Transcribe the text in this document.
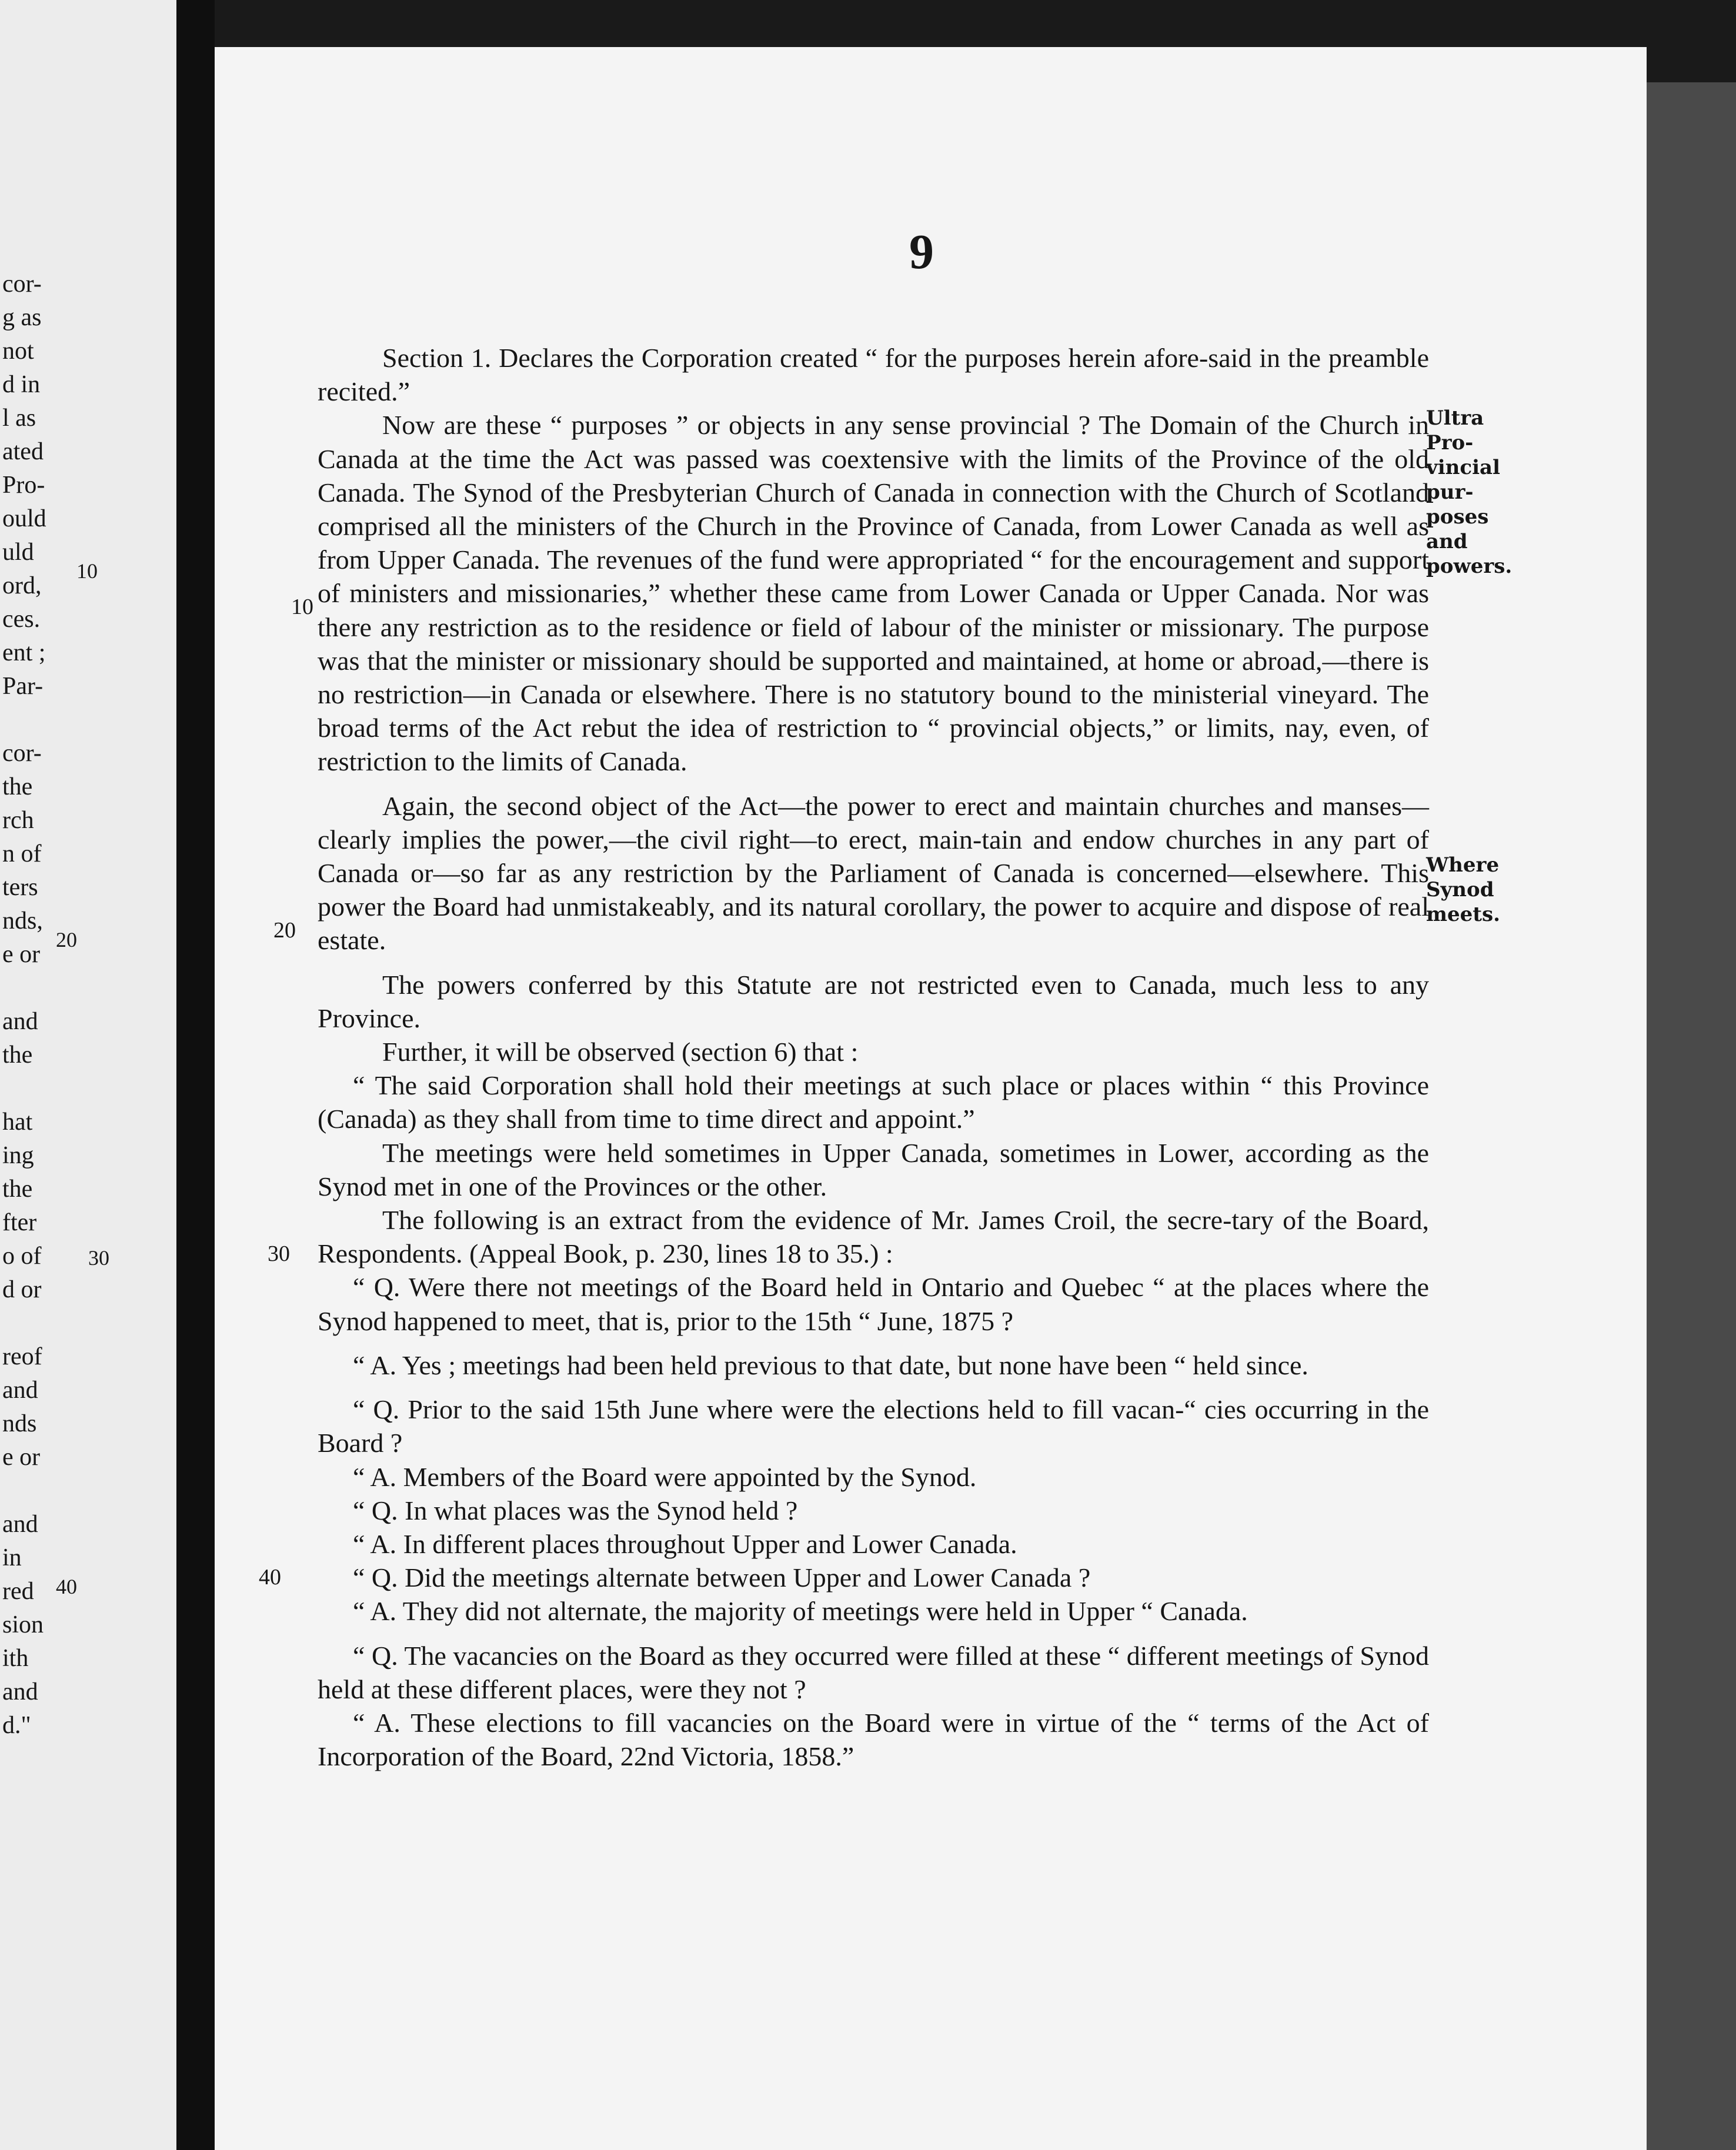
cor-
g as
not
d in
l as
ated
Pro-
ould
uld
ord,
ces.
ent ;
Par-

cor-
the
rch
n of
ters
nds,
e or

and
the

hat
ing
the
fter
o of
d or

reof
and
nds
e or

and
in
red
sion
ith
and
d."
10
20
30
40
9

Section 1. Declares the Corporation created “ for the purposes herein afore-said in the preamble recited.”

Now are these “ purposes ” or objects in any sense provincial ? The Domain of the Church in Canada at the time the Act was passed was coextensive with the limits of the Province of the old Canada. The Synod of the Presbyterian Church of Canada in connection with the Church of Scotland comprised all the ministers of the Church in the Province of Canada, from Lower Canada as well as from Upper Canada. The revenues of the fund were appropriated “ for the encouragement and support of ministers and missionaries,” whether these came from Lower Canada or Upper Canada. Nor was there any restriction as to the residence or field of labour of the minister or missionary. The purpose was that the minister or missionary should be supported and maintained, at home or abroad,—there is no restriction—in Canada or elsewhere. There is no statutory bound to the ministerial vineyard. The broad terms of the Act rebut the idea of restriction to “ provincial objects,” or limits, nay, even, of restriction to the limits of Canada.

Again, the second object of the Act—the power to erect and maintain churches and manses—clearly implies the power,—the civil right—to erect, main-tain and endow churches in any part of Canada or—so far as any restriction by the Parliament of Canada is concerned—elsewhere. This power the Board had unmistakeably, and its natural corollary, the power to acquire and dispose of real estate.

The powers conferred by this Statute are not restricted even to Canada, much less to any Province.

Further, it will be observed (section 6) that :

“ The said Corporation shall hold their meetings at such place or places within “ this Province (Canada) as they shall from time to time direct and appoint.”

The meetings were held sometimes in Upper Canada, sometimes in Lower, according as the Synod met in one of the Provinces or the other.

The following is an extract from the evidence of Mr. James Croil, the secre-tary of the Board, Respondents. (Appeal Book, p. 230, lines 18 to 35.) :

“ Q. Were there not meetings of the Board held in Ontario and Quebec “ at the places where the Synod happened to meet, that is, prior to the 15th “ June, 1875 ?

“ A. Yes ; meetings had been held previous to that date, but none have been “ held since.

“ Q. Prior to the said 15th June where were the elections held to fill vacan-“ cies occurring in the Board ?

“ A. Members of the Board were appointed by the Synod.

“ Q. In what places was the Synod held ?

“ A. In different places throughout Upper and Lower Canada.

“ Q. Did the meetings alternate between Upper and Lower Canada ?

“ A. They did not alternate, the majority of meetings were held in Upper “ Canada.

“ Q. The vacancies on the Board as they occurred were filled at these “ different meetings of Synod held at these different places, were they not ?

“ A. These elections to fill vacancies on the Board were in virtue of the “ terms of the Act of Incorporation of the Board, 22nd Victoria, 1858.”

10
20
30
40
Ultra Pro-vincial pur-poses and powers.
Where Synod meets.
